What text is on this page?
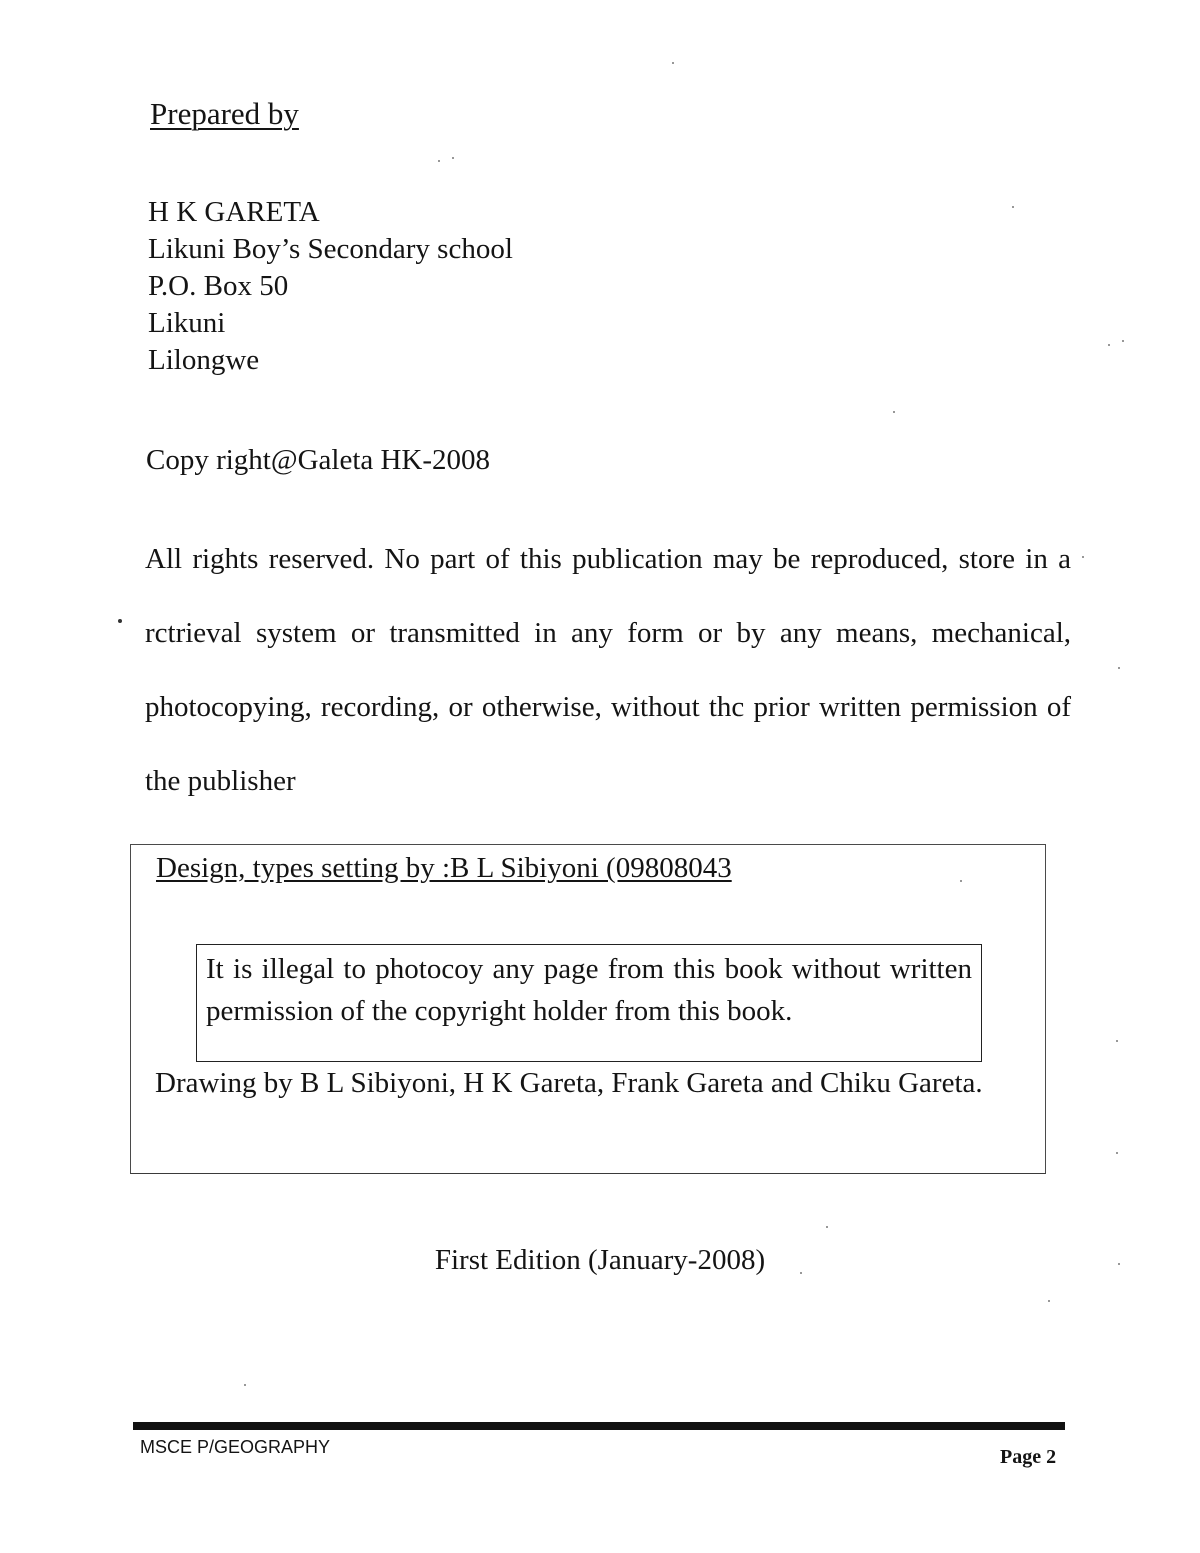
Prepared by
H K GARETA
Likuni Boy’s Secondary school
P.O. Box 50
Likuni
Lilongwe
Copy right@Galeta HK-2008
All rights reserved. No part of this publication may be reproduced, store in a rctrieval system or transmitted in any form or by any means, mechanical, photocopying, recording, or otherwise, without thc prior written permission of the publisher
Design, types setting by :B L Sibiyoni (09808043
It is illegal to photocoy any page from this book without written permission of the copyright holder from this book.
Drawing by B L Sibiyoni, H K Gareta, Frank Gareta and Chiku Gareta.
First Edition (January-2008)
MSCE P/GEOGRAPHY	Page 2
